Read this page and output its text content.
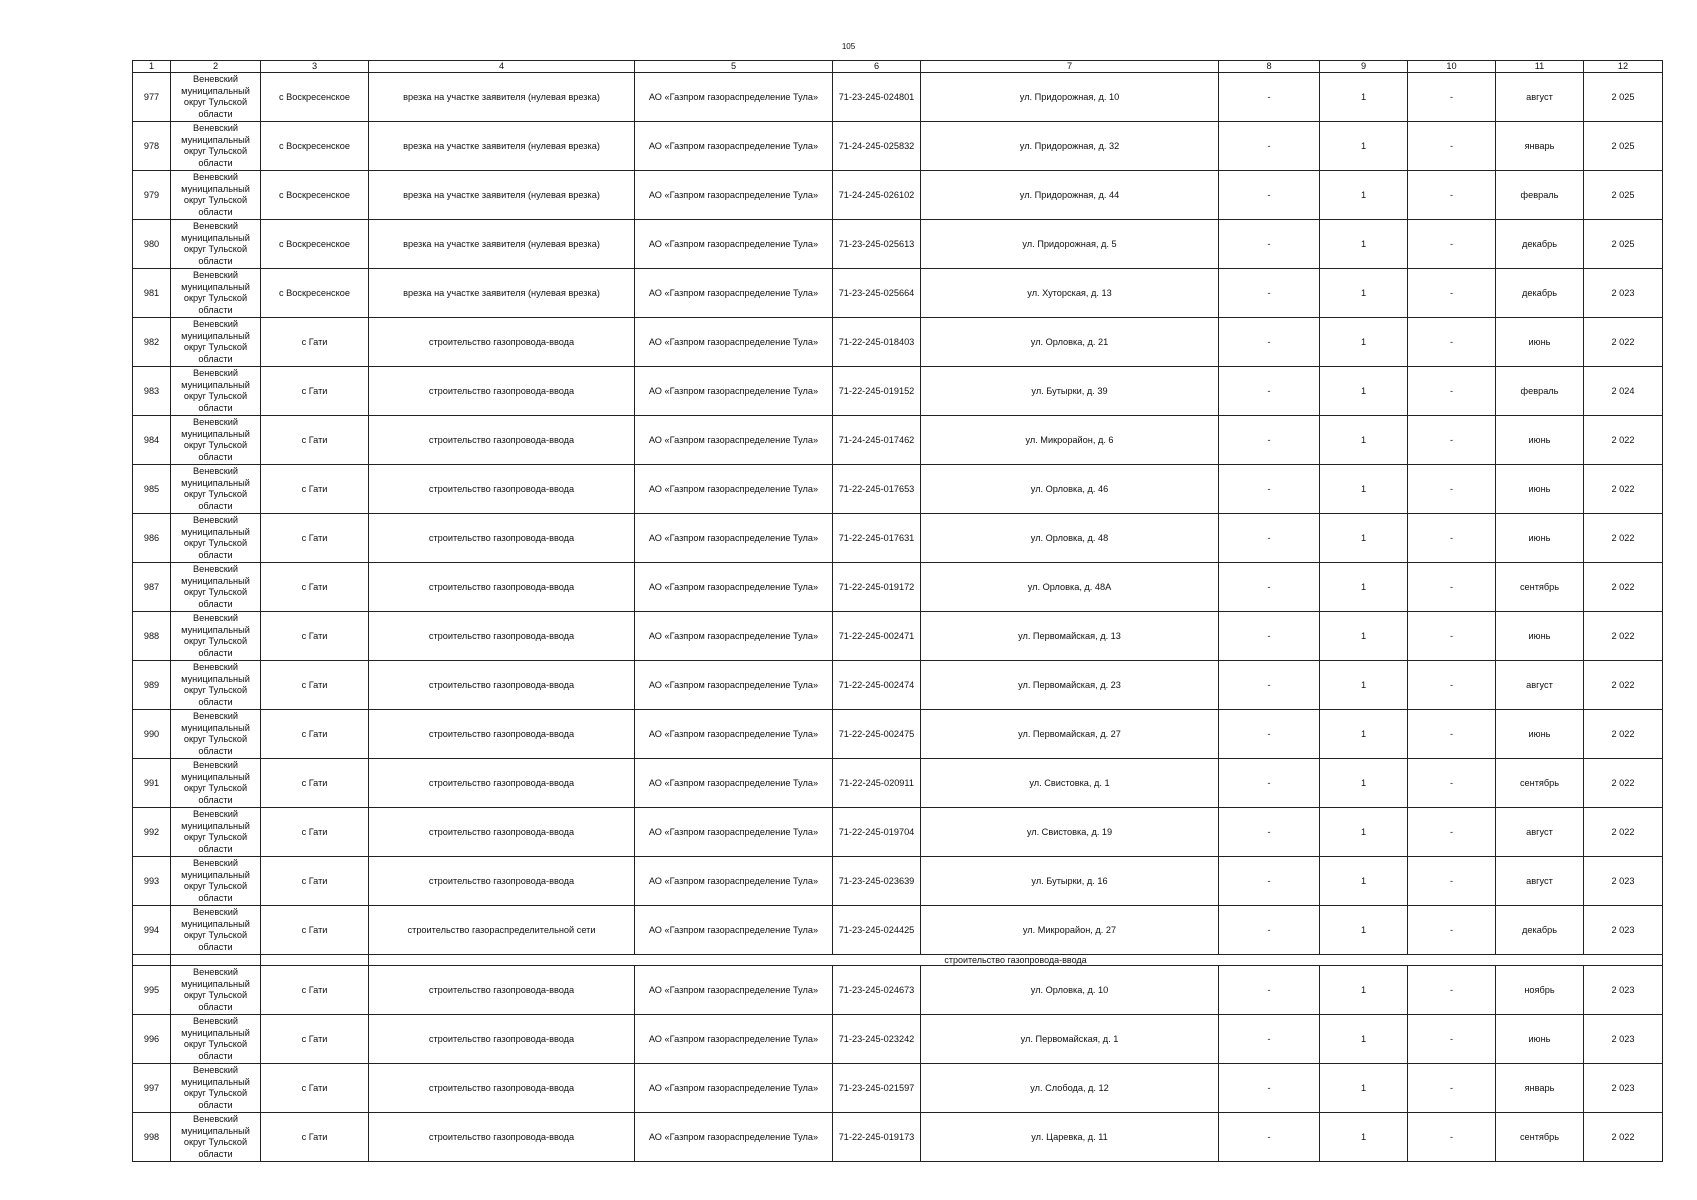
105
1	2	3	4	5	6	7	8	9	10	11	12
977	Веневский муниципальный округ Тульской области	с Воскресенское	врезка на участке заявителя (нулевая врезка)	АО «Газпром газораспределение Тула»	71-23-245-024801	ул. Придорожная, д. 10	-	1	-	август	2 025
978	Веневский муниципальный округ Тульской области	с Воскресенское	врезка на участке заявителя (нулевая врезка)	АО «Газпром газораспределение Тула»	71-24-245-025832	ул. Придорожная, д. 32	-	1	-	январь	2 025
979	Веневский муниципальный округ Тульской области	с Воскресенское	врезка на участке заявителя (нулевая врезка)	АО «Газпром газораспределение Тула»	71-24-245-026102	ул. Придорожная, д. 44	-	1	-	февраль	2 025
980	Веневский муниципальный округ Тульской области	с Воскресенское	врезка на участке заявителя (нулевая врезка)	АО «Газпром газораспределение Тула»	71-23-245-025613	ул. Придорожная, д. 5	-	1	-	декабрь	2 025
981	Веневский муниципальный округ Тульской области	с Воскресенское	врезка на участке заявителя (нулевая врезка)	АО «Газпром газораспределение Тула»	71-23-245-025664	ул. Хуторская, д. 13	-	1	-	декабрь	2 023
982	Веневский муниципальный округ Тульской области	с Гати	строительство газопровода-ввода	АО «Газпром газораспределение Тула»	71-22-245-018403	ул. Орловка, д. 21	-	1	-	июнь	2 022
983	Веневский муниципальный округ Тульской области	с Гати	строительство газопровода-ввода	АО «Газпром газораспределение Тула»	71-22-245-019152	ул. Бутырки, д. 39	-	1	-	февраль	2 024
984	Веневский муниципальный округ Тульской области	с Гати	строительство газопровода-ввода	АО «Газпром газораспределение Тула»	71-24-245-017462	ул. Микрорайон, д. 6	-	1	-	июнь	2 022
985	Веневский муниципальный округ Тульской области	с Гати	строительство газопровода-ввода	АО «Газпром газораспределение Тула»	71-22-245-017653	ул. Орловка, д. 46	-	1	-	июнь	2 022
986	Веневский муниципальный округ Тульской области	с Гати	строительство газопровода-ввода	АО «Газпром газораспределение Тула»	71-22-245-017631	ул. Орловка, д. 48	-	1	-	июнь	2 022
987	Веневский муниципальный округ Тульской области	с Гати	строительство газопровода-ввода	АО «Газпром газораспределение Тула»	71-22-245-019172	ул. Орловка, д. 48А	-	1	-	сентябрь	2 022
988	Веневский муниципальный округ Тульской области	с Гати	строительство газопровода-ввода	АО «Газпром газораспределение Тула»	71-22-245-002471	ул. Первомайская, д. 13	-	1	-	июнь	2 022
989	Веневский муниципальный округ Тульской области	с Гати	строительство газопровода-ввода	АО «Газпром газораспределение Тула»	71-22-245-002474	ул. Первомайская, д. 23	-	1	-	август	2 022
990	Веневский муниципальный округ Тульской области	с Гати	строительство газопровода-ввода	АО «Газпром газораспределение Тула»	71-22-245-002475	ул. Первомайская, д. 27	-	1	-	июнь	2 022
991	Веневский муниципальный округ Тульской области	с Гати	строительство газопровода-ввода	АО «Газпром газораспределение Тула»	71-22-245-020911	ул. Свистовка, д. 1	-	1	-	сентябрь	2 022
992	Веневский муниципальный округ Тульской области	с Гати	строительство газопровода-ввода	АО «Газпром газораспределение Тула»	71-22-245-019704	ул. Свистовка, д. 19	-	1	-	август	2 022
993	Веневский муниципальный округ Тульской области	с Гати	строительство газопровода-ввода	АО «Газпром газораспределение Тула»	71-23-245-023639	ул. Бутырки, д. 16	-	1	-	август	2 023
994	Веневский муниципальный округ Тульской области	с Гати	строительство газораспределительной сети	АО «Газпром газораспределение Тула»	71-23-245-024425	ул. Микрорайон, д. 27	-	1	-	декабрь	2 023
			строительство газопровода-ввода								
995	Веневский муниципальный округ Тульской области	с Гати	строительство газопровода-ввода	АО «Газпром газораспределение Тула»	71-23-245-024673	ул. Орловка, д. 10	-	1	-	ноябрь	2 023
996	Веневский муниципальный округ Тульской области	с Гати	строительство газопровода-ввода	АО «Газпром газораспределение Тула»	71-23-245-023242	ул. Первомайская, д. 1	-	1	-	июнь	2 023
997	Веневский муниципальный округ Тульской области	с Гати	строительство газопровода-ввода	АО «Газпром газораспределение Тула»	71-23-245-021597	ул. Слобода, д. 12	-	1	-	январь	2 023
998	Веневский муниципальный округ Тульской области	с Гати	строительство газопровода-ввода	АО «Газпром газораспределение Тула»	71-22-245-019173	ул. Царевка, д. 11	-	1	-	сентябрь	2 022
